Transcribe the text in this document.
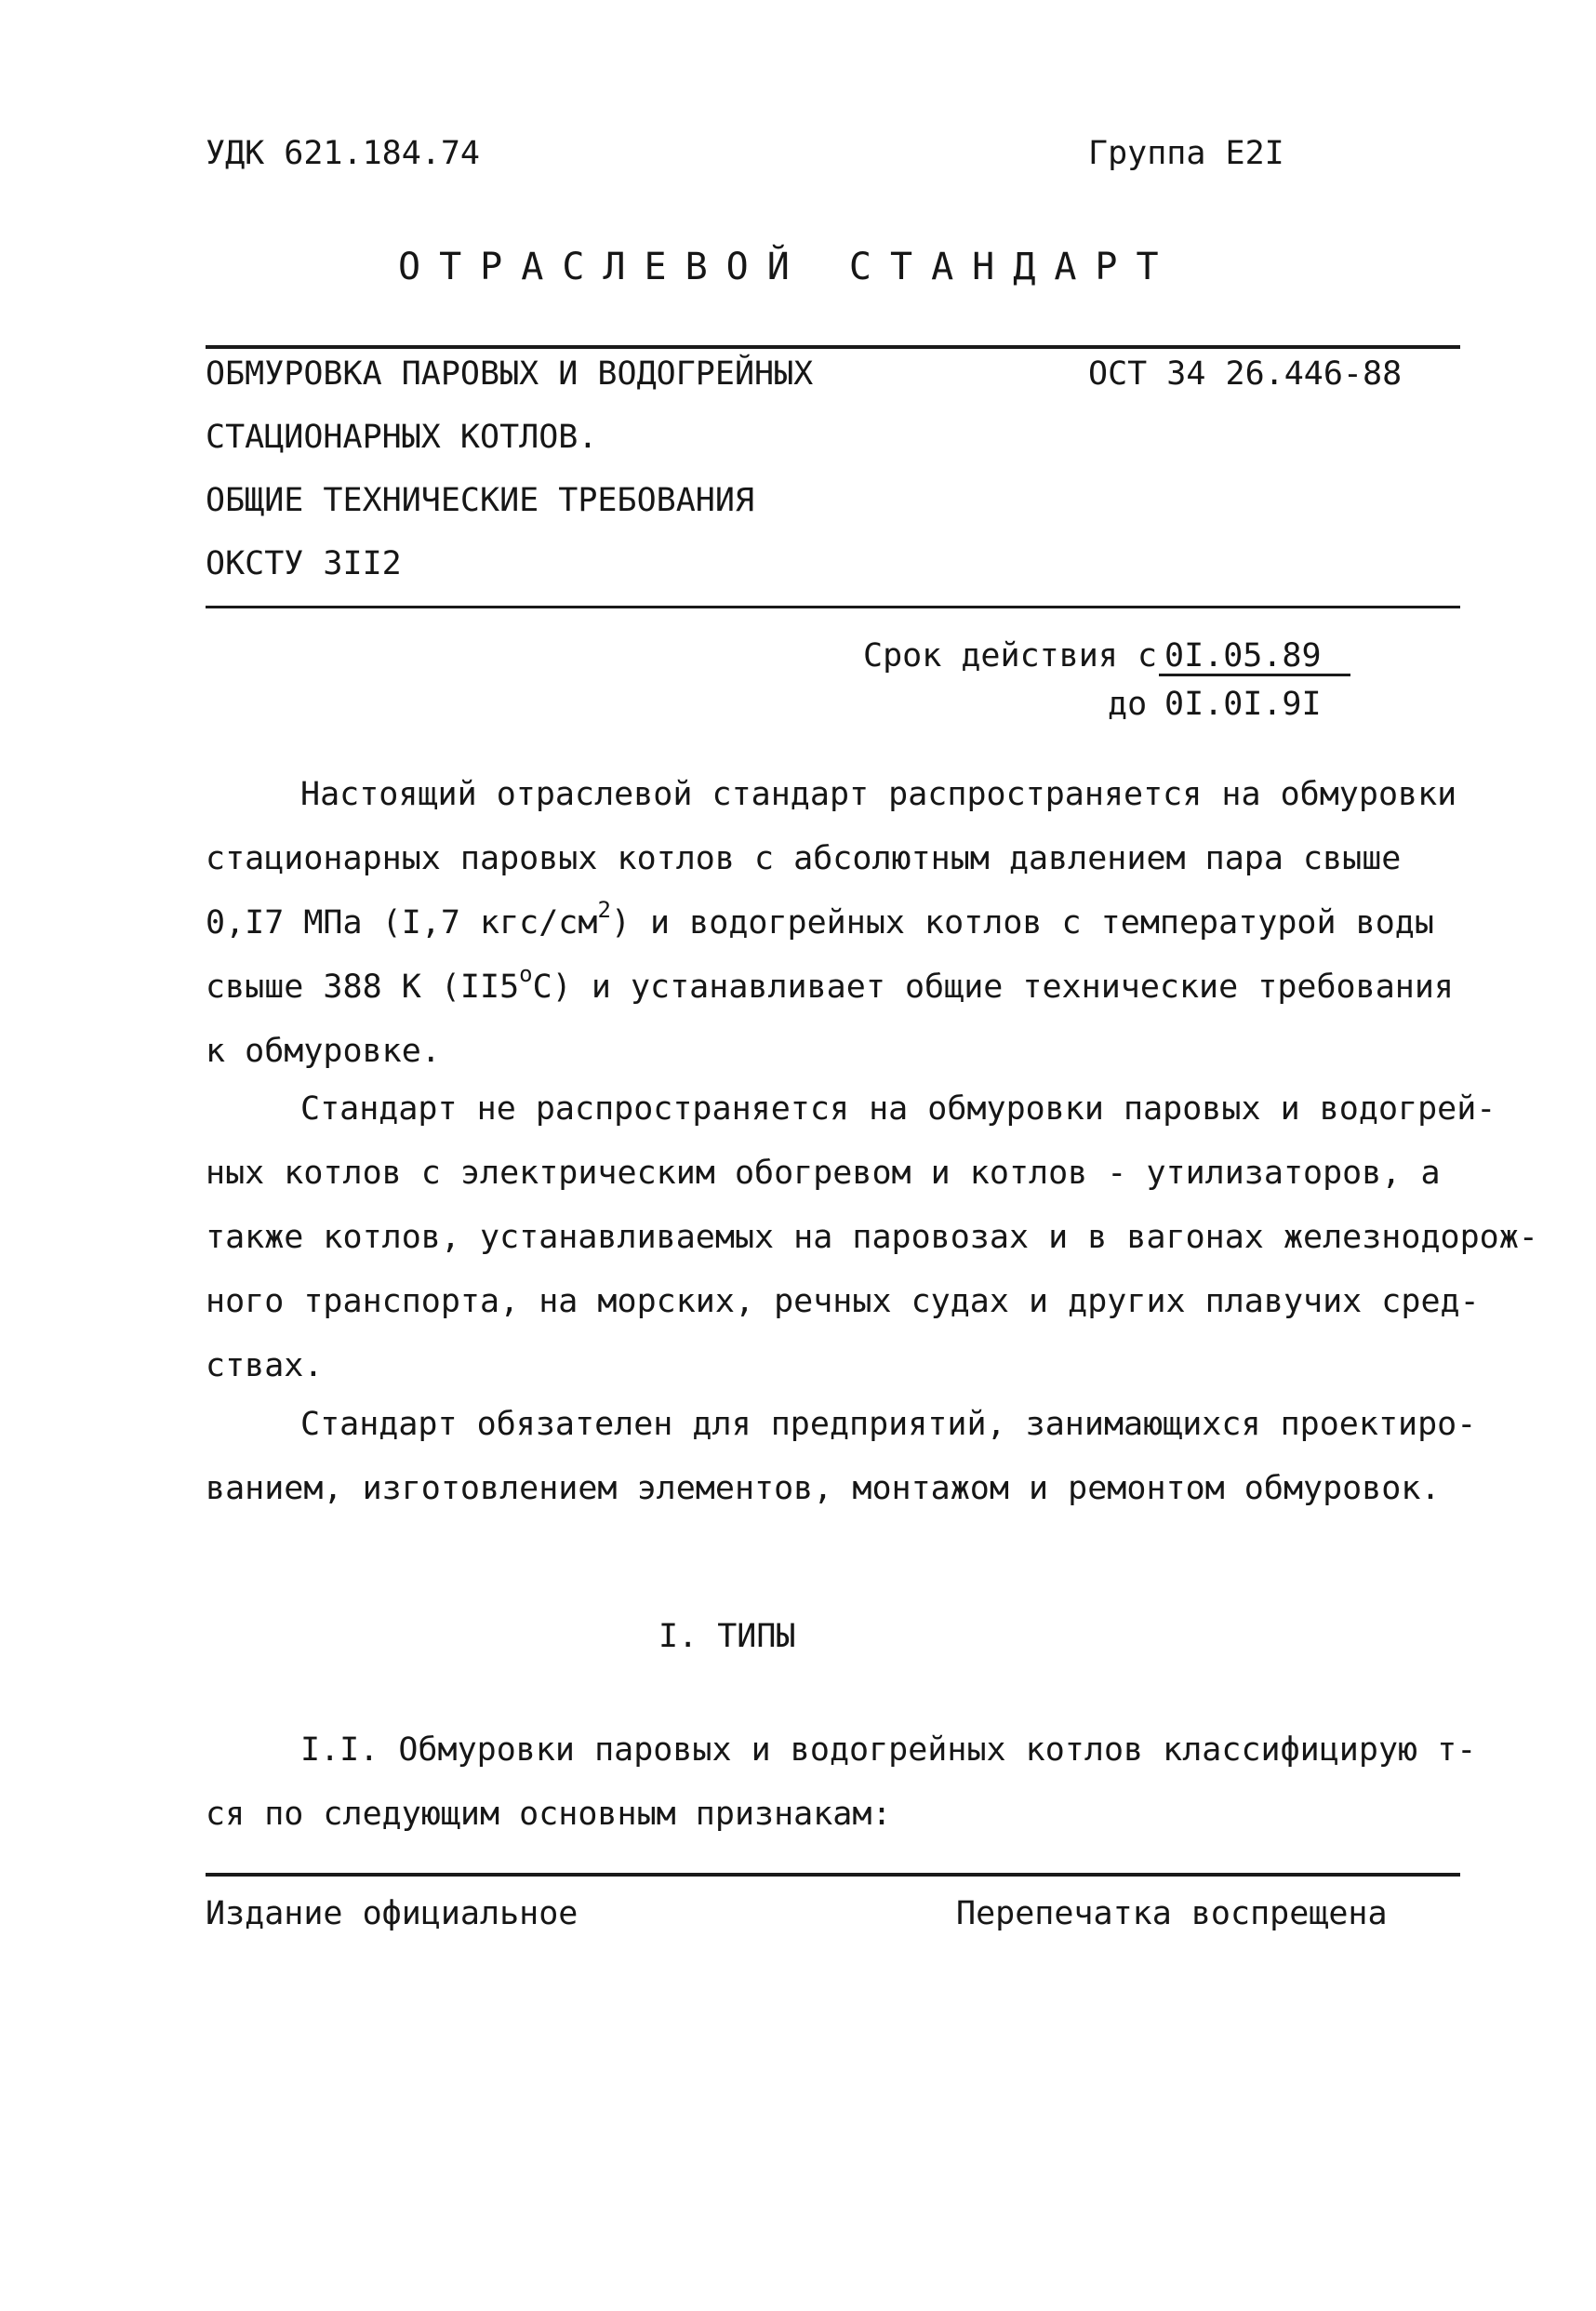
УДК 621.184.74	Группа Е2I
ОТРАСЛЕВОЙ СТАНДАРТ
ОБМУРОВКА ПАРОВЫХ И ВОДОГРЕЙНЫХ
СТАЦИОНАРНЫХ КОТЛОВ.
ОБЩИЕ ТЕХНИЧЕСКИЕ ТРЕБОВАНИЯ
ОКСТУ 3II2
ОСТ 34 26.446-88
Срок действия с 0I.05.89
до 0I.0I.9I
Настоящий отраслевой стандарт распространяется на обмуровки
стационарных паровых котлов с абсолютным давлением пара свыше
0,I7 МПа (I,7 кгс/$см^2$) и водогрейных котлов с температурой воды
свыше 388 К $(II5^оС)$ и устанавливает общие технические требования
к обмуровке.
Стандарт не распространяется на обмуровки паровых и водогрей-
ных котлов с электрическим обогревом и котлов - утилизаторов, а
также котлов, устанавливаемых на паровозах и в вагонах железнодорож-
ного транспорта, на морских, речных судах и других плавучих сред-
ствах.
Стандарт обязателен для предприятий, занимающихся проектиро-
ванием, изготовлением элементов, монтажом и ремонтом обмуровок.
I. ТИПЫ
I.I. Обмуровки паровых и водогрейных котлов классифицирую т-
ся по следующим основным признакам:
Издание официальное	Перепечатка воспрещена
